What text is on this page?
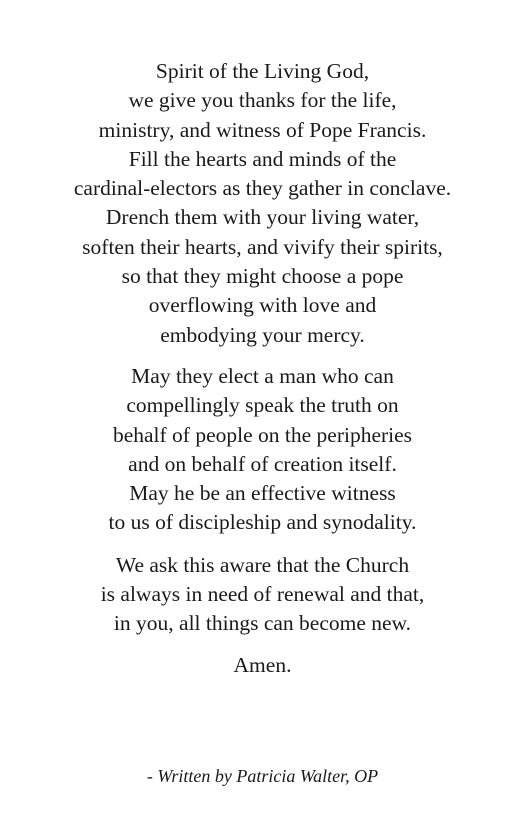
Spirit of the Living God,
we give you thanks for the life,
ministry, and witness of Pope Francis.
Fill the hearts and minds of the
cardinal-electors as they gather in conclave.
Drench them with your living water,
soften their hearts, and vivify their spirits,
so that they might choose a pope
overflowing with love and
embodying your mercy.

May they elect a man who can
compellingly speak the truth on
behalf of people on the peripheries
and on behalf of creation itself.
May he be an effective witness
to us of discipleship and synodality.

We ask this aware that the Church
is always in need of renewal and that,
in you, all things can become new.

Amen.

- Written by Patricia Walter, OP
